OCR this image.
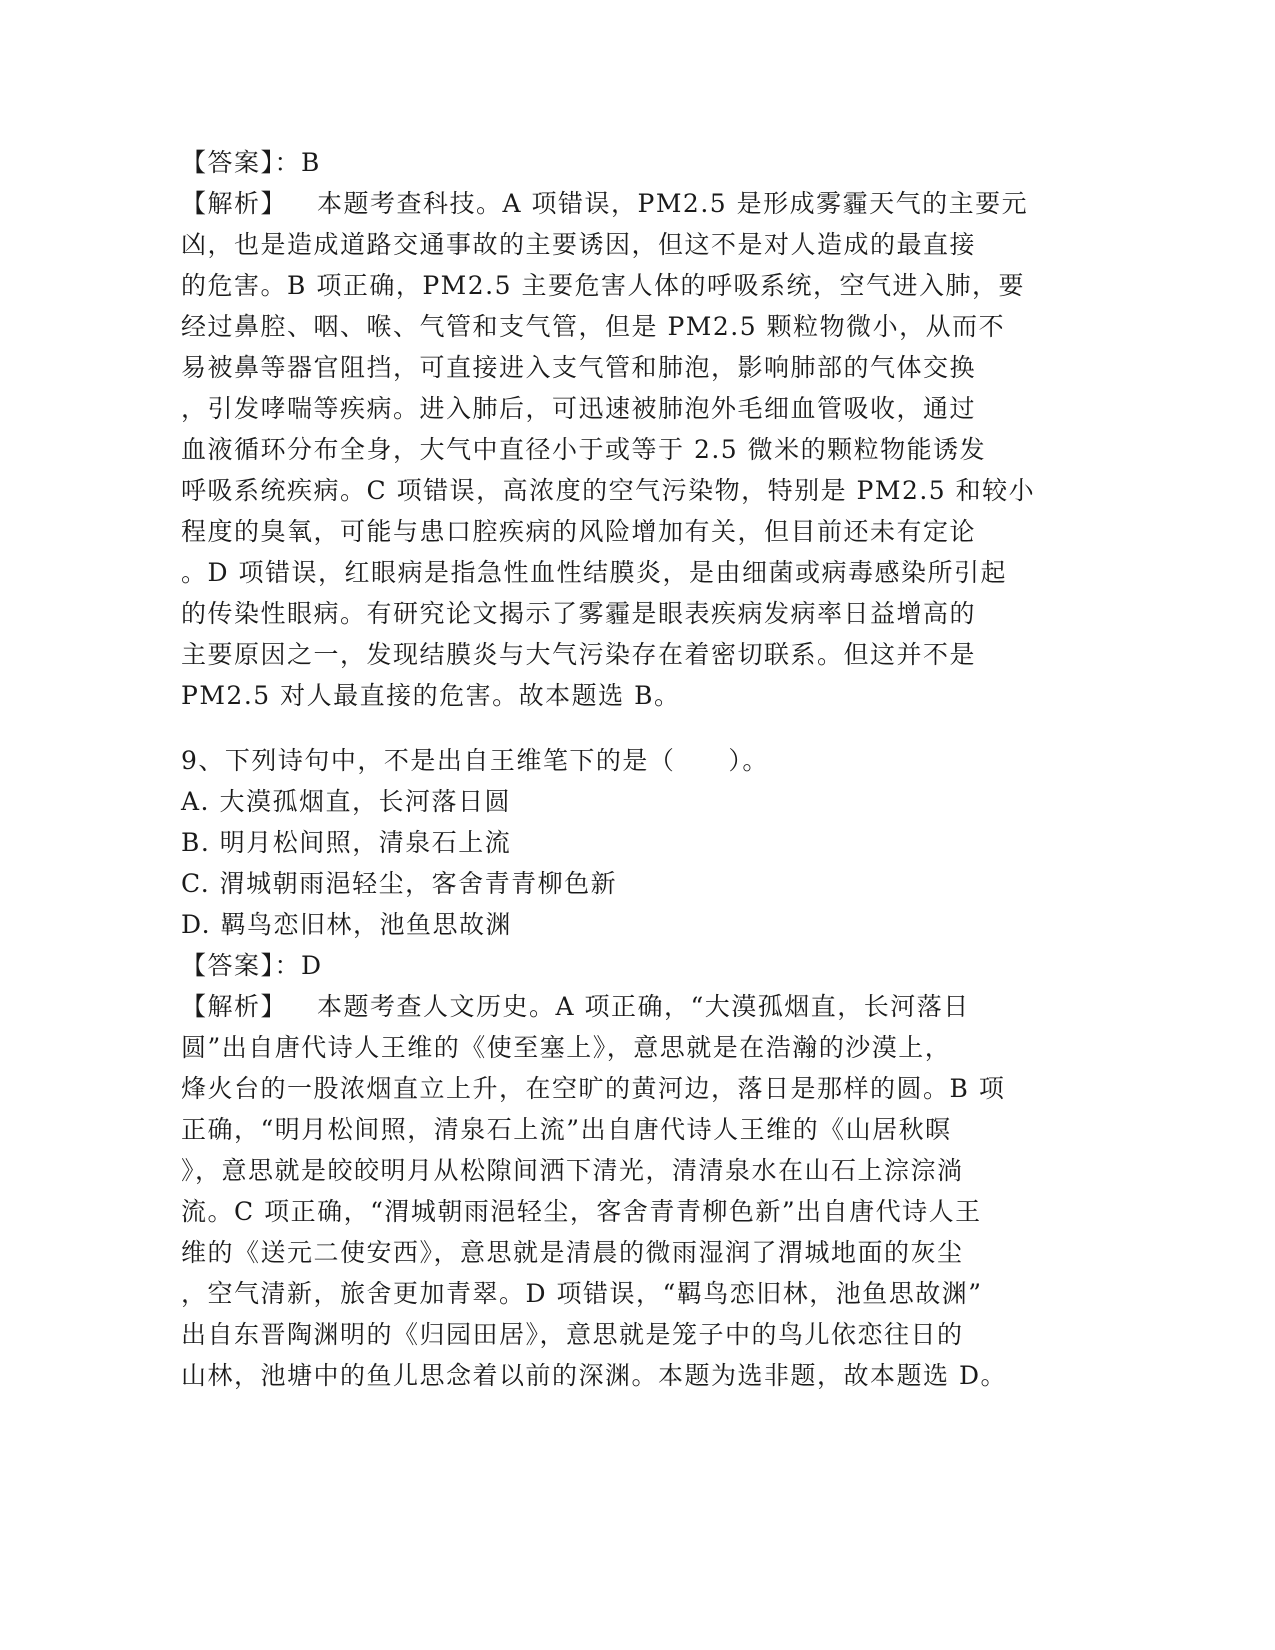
【答案】：B
【解析】 本题考查科技。A 项错误，PM2.5 是形成雾霾天气的主要元
凶，也是造成道路交通事故的主要诱因，但这不是对人造成的最直接
的危害。B 项正确，PM2.5 主要危害人体的呼吸系统，空气进入肺，要
经过鼻腔、咽、喉、气管和支气管，但是 PM2.5 颗粒物微小，从而不
易被鼻等器官阻挡，可直接进入支气管和肺泡，影响肺部的气体交换
，引发哮喘等疾病。进入肺后，可迅速被肺泡外毛细血管吸收，通过
血液循环分布全身，大气中直径小于或等于 2.5 微米的颗粒物能诱发
呼吸系统疾病。C 项错误，高浓度的空气污染物，特别是 PM2.5 和较小
程度的臭氧，可能与患口腔疾病的风险增加有关，但目前还未有定论
。D 项错误，红眼病是指急性血性结膜炎，是由细菌或病毒感染所引起
的传染性眼病。有研究论文揭示了雾霾是眼表疾病发病率日益增高的
主要原因之一，发现结膜炎与大气污染存在着密切联系。但这并不是
PM2.5 对人最直接的危害。故本题选 B。
9、下列诗句中，不是出自王维笔下的是（　　）。
A. 大漠孤烟直，长河落日圆
B. 明月松间照，清泉石上流
C. 渭城朝雨浥轻尘，客舍青青柳色新
D. 羁鸟恋旧林，池鱼思故渊
【答案】：D
【解析】 本题考查人文历史。A 项正确，“大漠孤烟直，长河落日
圆”出自唐代诗人王维的《使至塞上》，意思就是在浩瀚的沙漠上，
烽火台的一股浓烟直立上升，在空旷的黄河边，落日是那样的圆。B 项
正确，“明月松间照，清泉石上流”出自唐代诗人王维的《山居秋暝
》，意思就是皎皎明月从松隙间洒下清光，清清泉水在山石上淙淙淌
流。C 项正确，“渭城朝雨浥轻尘，客舍青青柳色新”出自唐代诗人王
维的《送元二使安西》，意思就是清晨的微雨湿润了渭城地面的灰尘
，空气清新，旅舍更加青翠。D 项错误，“羁鸟恋旧林，池鱼思故渊”
出自东晋陶渊明的《归园田居》，意思就是笼子中的鸟儿依恋往日的
山林，池塘中的鱼儿思念着以前的深渊。本题为选非题，故本题选 D。
